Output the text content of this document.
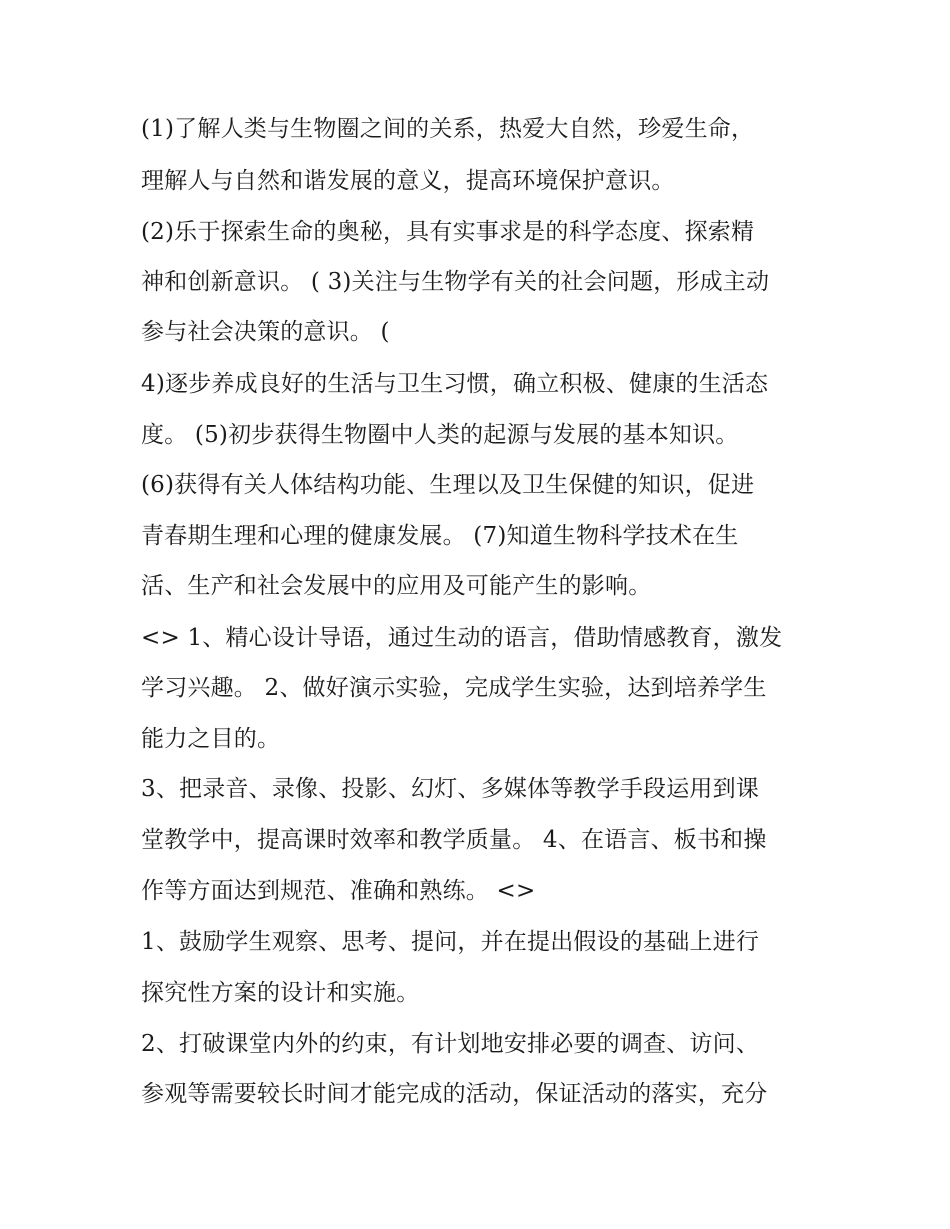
(1)了解人类与生物圈之间的关系，热爱大自然，珍爱生命，
理解人与自然和谐发展的意义，提高环境保护意识。
(2)乐于探索生命的奥秘，具有实事求是的科学态度、探索精
神和创新意识。 ( 3)关注与生物学有关的社会问题，形成主动
参与社会决策的意识。 (
4)逐步养成良好的生活与卫生习惯，确立积极、健康的生活态
度。 (5)初步获得生物圈中人类的起源与发展的基本知识。
(6)获得有关人体结构功能、生理以及卫生保健的知识，促进
青春期生理和心理的健康发展。 (7)知道生物科学技术在生
活、生产和社会发展中的应用及可能产生的影响。
<> 1、精心设计导语，通过生动的语言，借助情感教育，激发
学习兴趣。 2、做好演示实验，完成学生实验，达到培养学生
能力之目的。
3、把录音、录像、投影、幻灯、多媒体等教学手段运用到课
堂教学中，提高课时效率和教学质量。 4、在语言、板书和操
作等方面达到规范、准确和熟练。 <>
1、鼓励学生观察、思考、提问，并在提出假设的基础上进行
探究性方案的设计和实施。
2、打破课堂内外的约束，有计划地安排必要的调查、访问、
参观等需要较长时间才能完成的活动，保证活动的落实，充分
